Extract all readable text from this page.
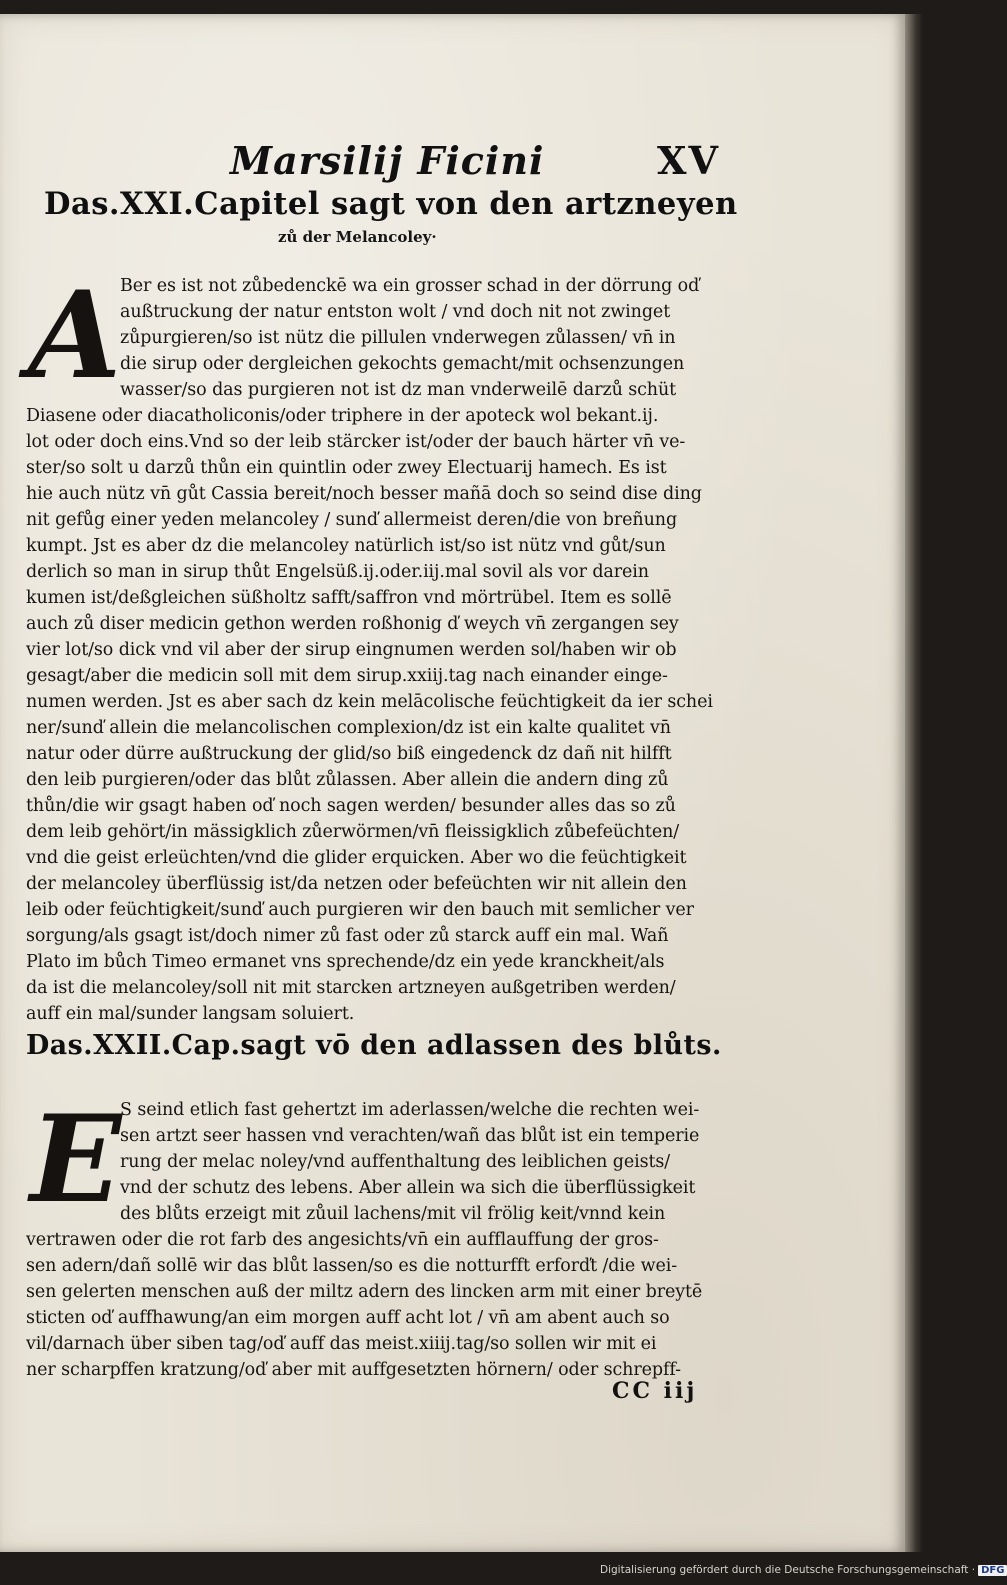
Marsilij Ficini	XV
Das.XXI.Capitel sagt von den artzneyen
zů der Melancoley·
A
Ber es ist not zůbedenckē wa ein grosser schad in der dörrung oď
außtruckung der natur entston wolt / vnd doch nit not zwinget
zůpurgieren/so ist nütz die pillulen vnderwegen zůlassen/ vn̄ in
die sirup oder dergleichen gekochts gemacht/mit ochsenzungen
wasser/so das purgieren not ist dz man vnderweilē darzů schüt
Diasene oder diacatholiconis/oder triphere in der apoteck wol bekant.ij.
lot oder doch eins.Vnd so der leib stärcker ist/oder der bauch härter vn̄ ve-
ster/so solt u darzů thůn ein quintlin oder zwey Electuarij hamech. Es ist
hie auch nütz vn̄ gůt Cassia bereit/noch besser mañā doch so seind dise ding
nit gefůg einer yeden melancoley / sunď allermeist deren/die von breñung
kumpt. Jst es aber dz die melancoley natürlich ist/so ist nütz vnd gůt/sun
derlich so man in sirup thůt Engelsüß.ij.oder.iij.mal sovil als vor darein
kumen ist/deßgleichen süßholtz safft/saffron vnd mörtrübel. Item es sollē
auch zů diser medicin gethon werden roßhonig ď weych vn̄ zergangen sey
vier lot/so dick vnd vil aber der sirup eingnumen werden sol/haben wir ob
gesagt/aber die medicin soll mit dem sirup.xxiij.tag nach einander einge-
numen werden. Jst es aber sach dz kein melācolische feüchtigkeit da ier schei
ner/sunď allein die melancolischen complexion/dz ist ein kalte qualitet vn̄
natur oder dürre außtruckung der glid/so biß eingedenck dz dañ nit hilfft
den leib purgieren/oder das blůt zůlassen. Aber allein die andern ding zů
thůn/die wir gsagt haben oď noch sagen werden/ besunder alles das so zů
dem leib gehört/in mässigklich zůerwörmen/vn̄ fleissigklich zůbefeüchten/
vnd die geist erleüchten/vnd die glider erquicken. Aber wo die feüchtigkeit
der melancoley überflüssig ist/da netzen oder befeüchten wir nit allein den
leib oder feüchtigkeit/sunď auch purgieren wir den bauch mit semlicher ver
sorgung/als gsagt ist/doch nimer zů fast oder zů starck auff ein mal. Wañ
Plato im bůch Timeo ermanet vns sprechende/dz ein yede kranckheit/als
da ist die melancoley/soll nit mit starcken artzneyen außgetriben werden/
auff ein mal/sunder langsam soluiert.
Das.XXII.Cap.sagt vō den adlassen des blůts.
E
S seind etlich fast gehertzt im aderlassen/welche die rechten wei-
sen artzt seer hassen vnd verachten/wañ das blůt ist ein temperie
rung der melac noley/vnd auffenthaltung des leiblichen geists/
vnd der schutz des lebens. Aber allein wa sich die überflüssigkeit
des blůts erzeigt mit zůuil lachens/mit vil frölig keit/vnnd kein
vertrawen oder die rot farb des angesichts/vn̄ ein aufflauffung der gros-
sen adern/dañ sollē wir das blůt lassen/so es die notturfft erforďt /die wei-
sen gelerten menschen auß der miltz adern des lincken arm mit einer breytē
sticten oď auffhawung/an eim morgen auff acht lot / vn̄ am abent auch so
vil/darnach über siben tag/oď auff das meist.xiiij.tag/so sollen wir mit ei
ner scharpffen kratzung/oď aber mit auffgesetzten hörnern/ oder schrepff-
CC iij
Digitalisierung gefördert durch die Deutsche Forschungsgemeinschaft · DFG
